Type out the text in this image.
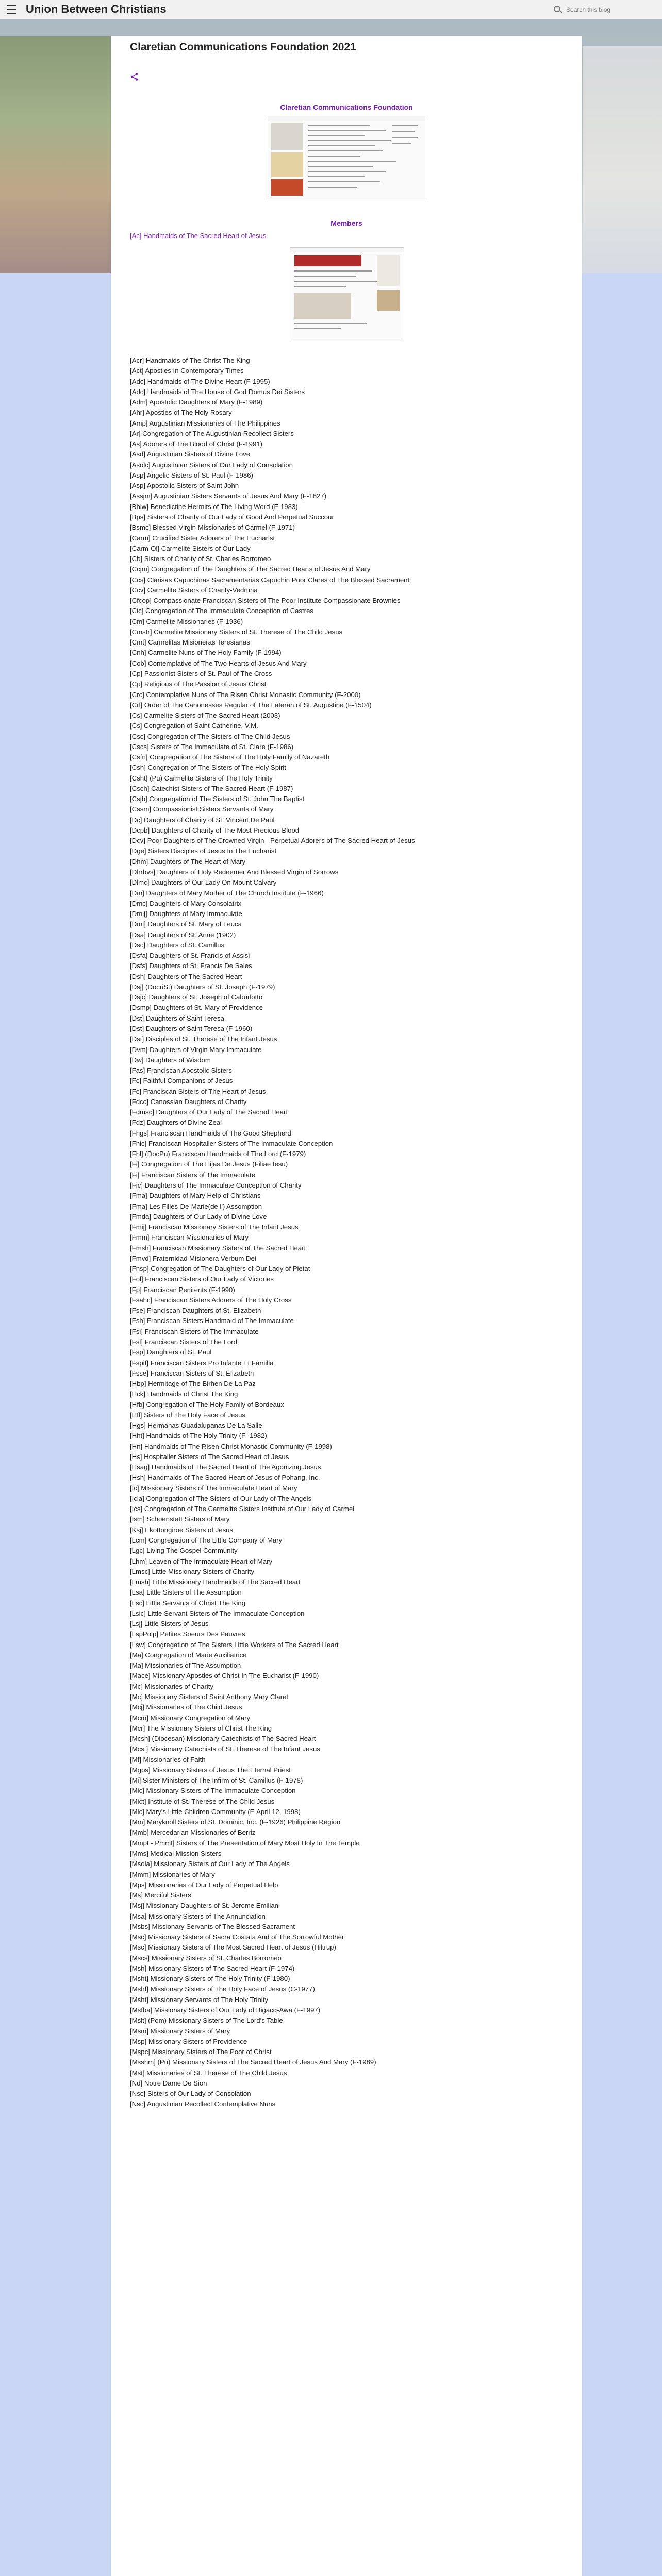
Union Between Christians
Search this blog
Claretian Communications Foundation 2021
Claretian Communications Foundation
Members
[Ac] Handmaids of The Sacred Heart of Jesus
[Acr] Handmaids of The Christ The King
[Act] Apostles In Contemporary Times
[Adc] Handmaids of The Divine Heart (F-1995)
[Adc] Handmaids of The House of God Domus Dei Sisters
[Adm] Apostolic Daughters of Mary (F-1989)
[Ahr] Apostles of The Holy Rosary
[Amp] Augustinian Missionaries of The Philippines
[Ar] Congregation of The Augustinian Recollect Sisters
[As] Adorers of The Blood of Christ (F-1991)
[Asd] Augustinian Sisters of Divine Love
[Asolc] Augustinian Sisters of Our Lady of Consolation
[Asp] Angelic Sisters of St. Paul (F-1986)
[Asp] Apostolic Sisters of Saint John
[Assjm] Augustinian Sisters Servants of Jesus And Mary (F-1827)
[Bhlw] Benedictine Hermits of The Living Word (F-1983)
[Bps] Sisters of Charity of Our Lady of Good And Perpetual Succour
[Bsmc] Blessed Virgin Missionaries of Carmel (F-1971)
[Carm] Crucified Sister Adorers of The Eucharist
[Carm-Ol] Carmelite Sisters of Our Lady
[Cb] Sisters of Charity of St. Charles Borromeo
[Ccjm] Congregation of The Daughters of The Sacred Hearts of Jesus And Mary
[Ccs] Clarisas Capuchinas Sacramentarias Capuchin Poor Clares of The Blessed Sacrament
[Ccv] Carmelite Sisters of Charity-Vedruna
[Cfcop] Compassionate Franciscan Sisters of The Poor Institute Compassionate Brownies
[Cic] Congregation of The Immaculate Conception of Castres
[Cm] Carmelite Missionaries (F-1936)
[Cmstr] Carmelite Missionary Sisters of St. Therese of The Child Jesus
[Cmt] Carmelitas Misioneras Teresianas
[Cnh] Carmelite Nuns of The Holy Family (F-1994)
[Cob] Contemplative of The Two Hearts of Jesus And Mary
[Cp] Passionist Sisters of St. Paul of The Cross
[Cp] Religious of The Passion of Jesus Christ
[Crc] Contemplative Nuns of The Risen Christ Monastic Community (F-2000)
[Crl] Order of The Canonesses Regular of The Lateran of St. Augustine (F-1504)
[Cs] Carmelite Sisters of The Sacred Heart (2003)
[Cs] Congregation of Saint Catherine, V.M.
[Csc] Congregation of The Sisters of The Child Jesus
[Cscs] Sisters of The Immaculate of St. Clare (F-1986)
[Csfn] Congregation of The Sisters of The Holy Family of Nazareth
[Csh] Congregation of The Sisters of The Holy Spirit
[Csht] (Pu) Carmelite Sisters of The Holy Trinity
[Csch] Catechist Sisters of The Sacred Heart (F-1987)
[Csjb] Congregation of The Sisters of St. John The Baptist
[Cssm] Compassionist Sisters Servants of Mary
[Dc] Daughters of Charity of St. Vincent De Paul
[Dcpb] Daughters of Charity of The Most Precious Blood
[Dcv] Poor Daughters of The Crowned Virgin - Perpetual Adorers of The Sacred Heart of Jesus
[Dge] Sisters Disciples of Jesus In The Eucharist
[Dhm] Daughters of The Heart of Mary
[Dhrbvs] Daughters of Holy Redeemer And Blessed Virgin of Sorrows
[Dlmc] Daughters of Our Lady On Mount Calvary
[Dm] Daughters of Mary Mother of The Church Institute (F-1966)
[Dmc] Daughters of Mary Consolatrix
[Dmij] Daughters of Mary Immaculate
[Dml] Daughters of St. Mary of Leuca
[Dsa] Daughters of St. Anne (1902)
[Dsc] Daughters of St. Camillus
[Dsfa] Daughters of St. Francis of Assisi
[Dsfs] Daughters of St. Francis De Sales
[Dsh] Daughters of The Sacred Heart
[Dsj] (DocriSt) Daughters of St. Joseph (F-1979)
[Dsjc] Daughters of St. Joseph of Caburlotto
[Dsmp] Daughters of St. Mary of Providence
[Dst] Daughters of Saint Teresa
[Dst] Daughters of Saint Teresa (F-1960)
[Dst] Disciples of St. Therese of The Infant Jesus
[Dvm] Daughters of Virgin Mary Immaculate
[Dw] Daughters of Wisdom
[Fas] Franciscan Apostolic Sisters
[Fc] Faithful Companions of Jesus
[Fc] Franciscan Sisters of The Heart of Jesus
[Fdcc] Canossian Daughters of Charity
[Fdmsc] Daughters of Our Lady of The Sacred Heart
[Fdz] Daughters of Divine Zeal
[Fhgs] Franciscan Handmaids of The Good Shepherd
[Fhic] Franciscan Hospitaller Sisters of The Immaculate Conception
[Fhl] (DocPu) Franciscan Handmaids of The Lord (F-1979)
[Fi] Congregation of The Hijas De Jesus (Filiae Iesu)
[Fi] Franciscan Sisters of The Immaculate
[Fic] Daughters of The Immaculate Conception of Charity
[Fma] Daughters of Mary Help of Christians
[Fma] Les Filles-De-Marie(de l') Assomption
[Fmda] Daughters of Our Lady of Divine Love
[Fmij] Franciscan Missionary Sisters of The Infant Jesus
[Fmm] Franciscan Missionaries of Mary
[Fmsh] Franciscan Missionary Sisters of The Sacred Heart
[Fmvd] Fraternidad Misionera Verbum Dei
[Fnsp] Congregation of The Daughters of Our Lady of Pietat
[Fol] Franciscan Sisters of Our Lady of Victories
[Fp] Franciscan Penitents (F-1990)
[Fsahc] Franciscan Sisters Adorers of The Holy Cross
[Fse] Franciscan Daughters of St. Elizabeth
[Fsh] Franciscan Sisters Handmaid of The Immaculate
[Fsi] Franciscan Sisters of The Immaculate
[Fsl] Franciscan Sisters of The Lord
[Fsp] Daughters of St. Paul
[Fspif] Franciscan Sisters Pro Infante Et Familia
[Fsse] Franciscan Sisters of St. Elizabeth
[Hbp] Hermitage of The Birhen De La Paz
[Hck] Handmaids of Christ The King
[Hfb] Congregation of The Holy Family of Bordeaux
[Hfl] Sisters of The Holy Face of Jesus
[Hgs] Hermanas Guadalupanas De La Salle
[Hht] Handmaids of The Holy Trinity (F- 1982)
[Hn] Handmaids of The Risen Christ Monastic Community (F-1998)
[Hs] Hospitaller Sisters of The Sacred Heart of Jesus
[Hsag] Handmaids of The Sacred Heart of The Agonizing Jesus
[Hsh] Handmaids of The Sacred Heart of Jesus of Pohang, Inc.
[Ic] Missionary Sisters of The Immaculate Heart of Mary
[Icla] Congregation of The Sisters of Our Lady of The Angels
[Ics] Congregation of The Carmelite Sisters Institute of Our Lady of Carmel
[Ism] Schoenstatt Sisters of Mary
[Ksj] Ekottongiroe Sisters of Jesus
[Lcm] Congregation of The Little Company of Mary
[Lgc] Living The Gospel Community
[Lhm] Leaven of The Immaculate Heart of Mary
[Lmsc] Little Missionary Sisters of Charity
[Lmsh] Little Missionary Handmaids of The Sacred Heart
[Lsa] Little Sisters of The Assumption
[Lsc] Little Servants of Christ The King
[Lsic] Little Servant Sisters of The Immaculate Conception
[Lsj] Little Sisters of Jesus
[LspPolp] Petites Soeurs Des Pauvres
[Lsw] Congregation of The Sisters Little Workers of The Sacred Heart
[Ma] Congregation of Marie Auxiliatrice
[Ma] Missionaries of The Assumption
[Mace] Missionary Apostles of Christ In The Eucharist (F-1990)
[Mc] Missionaries of Charity
[Mc] Missionary Sisters of Saint Anthony Mary Claret
[Mcj] Missionaries of The Child Jesus
[Mcm] Missionary Congregation of Mary
[Mcr] The Missionary Sisters of Christ The King
[Mcsh] (Diocesan) Missionary Catechists of The Sacred Heart
[Mcst] Missionary Catechists of St. Therese of The Infant Jesus
[Mf] Missionaries of Faith
[Mgps] Missionary Sisters of Jesus The Eternal Priest
[Mi] Sister Ministers of The Infirm of St. Camillus (F-1978)
[Mic] Missionary Sisters of The Immaculate Conception
[Mict] Institute of St. Therese of The Child Jesus
[Mlc] Mary's Little Children Community (F-April 12, 1998)
[Mm] Maryknoll Sisters of St. Dominic, Inc. (F-1926) Philippine Region
[Mmb] Mercedarian Missionaries of Berriz
[Mmpt - Pmmt] Sisters of The Presentation of Mary Most Holy In The Temple
[Mms] Medical Mission Sisters
[Msola] Missionary Sisters of Our Lady of The Angels
[Mmm] Missionaries of Mary
[Mps] Missionaries of Our Lady of Perpetual Help
[Ms] Merciful Sisters
[Msj] Missionary Daughters of St. Jerome Emiliani
[Msa] Missionary Sisters of The Annunciation
[Msbs] Missionary Servants of The Blessed Sacrament
[Msc] Missionary Sisters of Sacra Costata And of The Sorrowful Mother
[Msc] Missionary Sisters of The Most Sacred Heart of Jesus (Hiltrup)
[Mscs] Missionary Sisters of St. Charles Borromeo
[Msh] Missionary Sisters of The Sacred Heart (F-1974)
[Msht] Missionary Sisters of The Holy Trinity (F-1980)
[Mshf] Missionary Sisters of The Holy Face of Jesus (C-1977)
[Msht] Missionary Servants of The Holy Trinity
[Msfba] Missionary Sisters of Our Lady of Bigacq-Awa (F-1997)
[Mslt] (Pom) Missionary Sisters of The Lord's Table
[Msm] Missionary Sisters of Mary
[Msp] Missionary Sisters of Providence
[Mspc] Missionary Sisters of The Poor of Christ
[Msshm] (Pu) Missionary Sisters of The Sacred Heart of Jesus And Mary (F-1989)
[Mst] Missionaries of St. Therese of The Child Jesus
[Nd] Notre Dame De Sion
[Nsc] Sisters of Our Lady of Consolation
[Nsc] Augustinian Recollect Contemplative Nuns
